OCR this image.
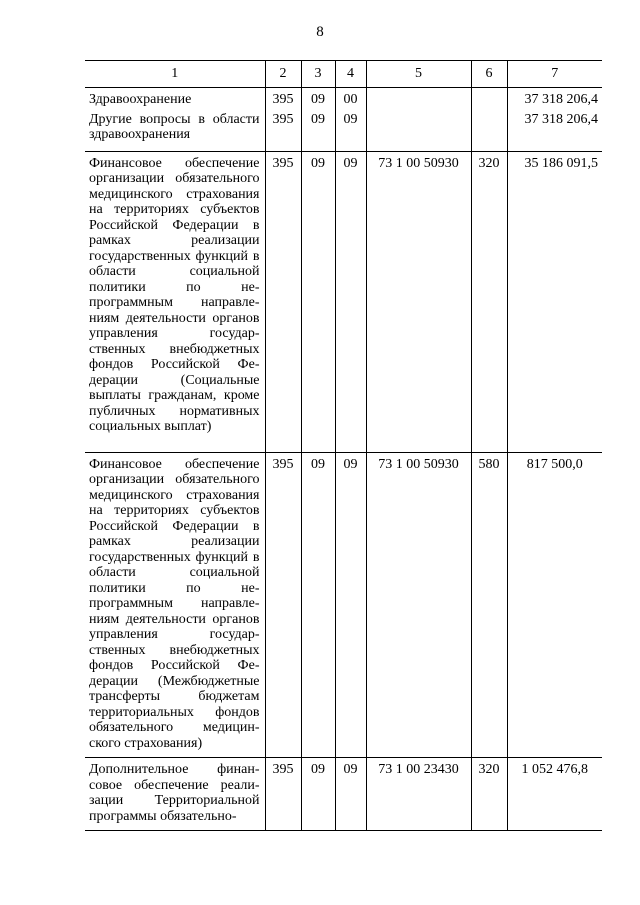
8
1	2	3	4	5	6	7
Здравоохранение	395	09	00			37 318 206,4
Другие вопросы в области здравоохранения	395	09	09			37 318 206,4
Финансовое обеспечение организации обязательного медицинского страхования на территориях субъектов Российской Федерации в рамках реализации государственных функций в области социальной политики по непрограммным направлениям деятельности органов управления государственных внебюджетных фондов Российской Федерации (Социальные выплаты гражданам, кроме публичных нормативных социальных выплат)	395	09	09	73 1 00 50930	320	35 186 091,5
Финансовое обеспечение организации обязательного медицинского страхования на территориях субъектов Российской Федерации в рамках реализации государственных функций в области социальной политики по непрограммным направлениям деятельности органов управления государственных внебюджетных фондов Российской Федерации (Межбюджетные трансферты бюджетам территориальных фондов обязательного медицинского страхования)	395	09	09	73 1 00 50930	580	817 500,0
Дополнительное финансовое обеспечение реализации Территориальной программы обязательно-	395	09	09	73 1 00 23430	320	1 052 476,8
